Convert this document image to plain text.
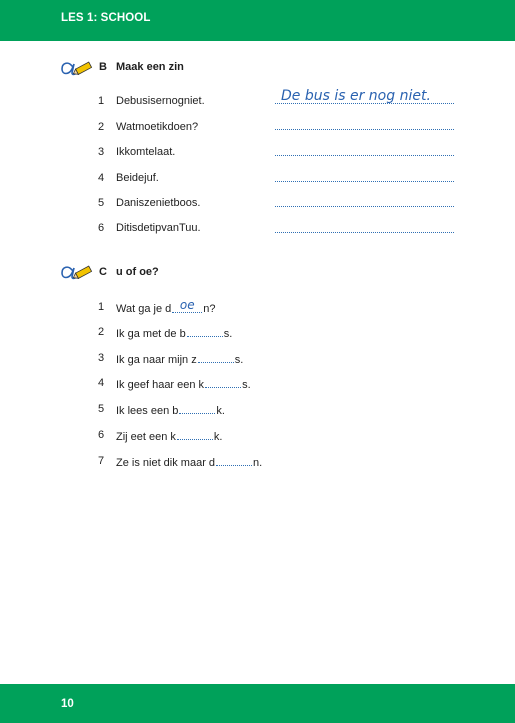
LES 1: SCHOOL
B Maak een zin
1	Debusisernogniet.	De bus is er nog niet.
2	Watmoetikdoen?
3	Ikkomtelaat.
4	Beidejuf.
5	Daniszenietboos.
6	DitisdetipvanTuu.
C u of oe?
1	Wat ga je d oe n?
2	Ik ga met de b	s.
3	Ik ga naar mijn z	s.
4	Ik geef haar een k	s.
5	Ik lees een b	k.
6	Zij eet een k	k.
7	Ze is niet dik maar d	n.
10
